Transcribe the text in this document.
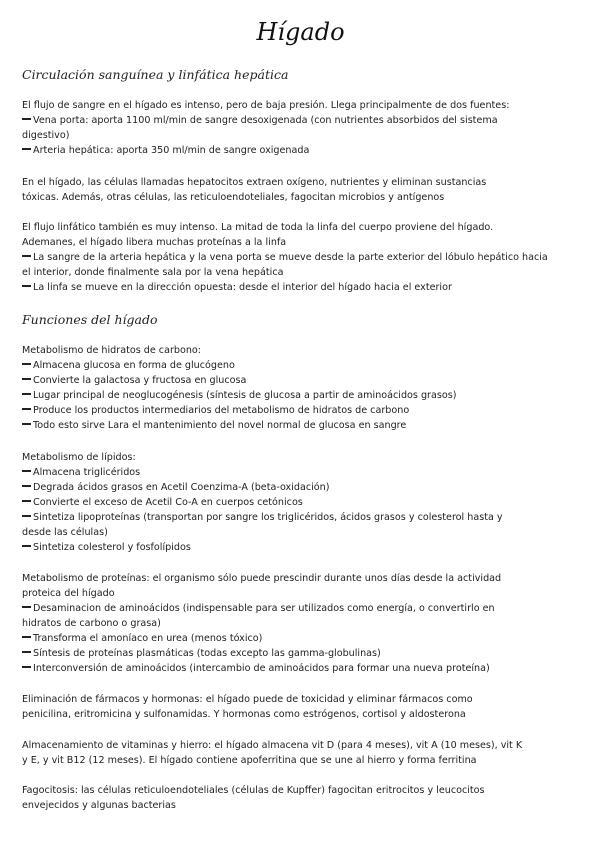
Hígado
Circulación sanguínea y linfática hepática
El flujo de sangre en el hígado es intenso, pero de baja presión. Llega principalmente de dos fuentes:
Vena porta: aporta 1100 ml/min de sangre desoxigenada (con nutrientes absorbidos del sistema
digestivo)
Arteria hepática: aporta 350 ml/min de sangre oxigenada
En el hígado, las células llamadas hepatocitos extraen oxígeno, nutrientes y eliminan sustancias
tóxicas. Además, otras células, las reticuloendoteliales, fagocitan microbios y antígenos
El flujo linfático también es muy intenso. La mitad de toda la linfa del cuerpo proviene del hígado.
Ademanes, el hígado libera muchas proteínas a la linfa
La sangre de la arteria hepática y la vena porta se mueve desde la parte exterior del lóbulo hepático hacia
el interior, donde finalmente sala por la vena hepática
La linfa se mueve en la dirección opuesta: desde el interior del hígado hacia el exterior
Funciones del hígado
Metabolismo de hidratos de carbono:
Almacena glucosa en forma de glucógeno
Convierte la galactosa y fructosa en glucosa
Lugar principal de neoglucogénesis (síntesis de glucosa a partir de aminoácidos grasos)
Produce los productos intermediarios del metabolismo de hidratos de carbono
Todo esto sirve Lara el mantenimiento del novel normal de glucosa en sangre
Metabolismo de lípidos:
Almacena triglicéridos
Degrada ácidos grasos en Acetil Coenzima-A (beta-oxidación)
Convierte el exceso de Acetil Co-A en cuerpos cetónicos
Sintetiza lipoproteínas (transportan por sangre los triglicéridos, ácidos grasos y colesterol hasta y
desde las células)
Sintetiza colesterol y fosfolípidos
Metabolismo de proteínas: el organismo sólo puede prescindir durante unos días desde la actividad
proteica del hígado
Desaminacion de aminoácidos (indispensable para ser utilizados como energía, o convertirlo en
hidratos de carbono o grasa)
Transforma el amoníaco en urea (menos tóxico)
Síntesis de proteínas plasmáticas (todas excepto las gamma-globulinas)
Interconversión de aminoácidos (intercambio de aminoácidos para formar una nueva proteína)
Eliminación de fármacos y hormonas: el hígado puede de toxicidad y eliminar fármacos como
penicilina, eritromicina y sulfonamidas. Y hormonas como estrógenos, cortisol y aldosterona
Almacenamiento de vitaminas y hierro: el hígado almacena vit D (para 4 meses), vit A (10 meses), vit K
y E, y vit B12 (12 meses). El hígado contiene apoferritina que se une al hierro y forma ferritina
Fagocitosis: las células reticuloendoteliales (células de Kupffer) fagocitan eritrocitos y leucocitos
envejecidos y algunas bacterias
